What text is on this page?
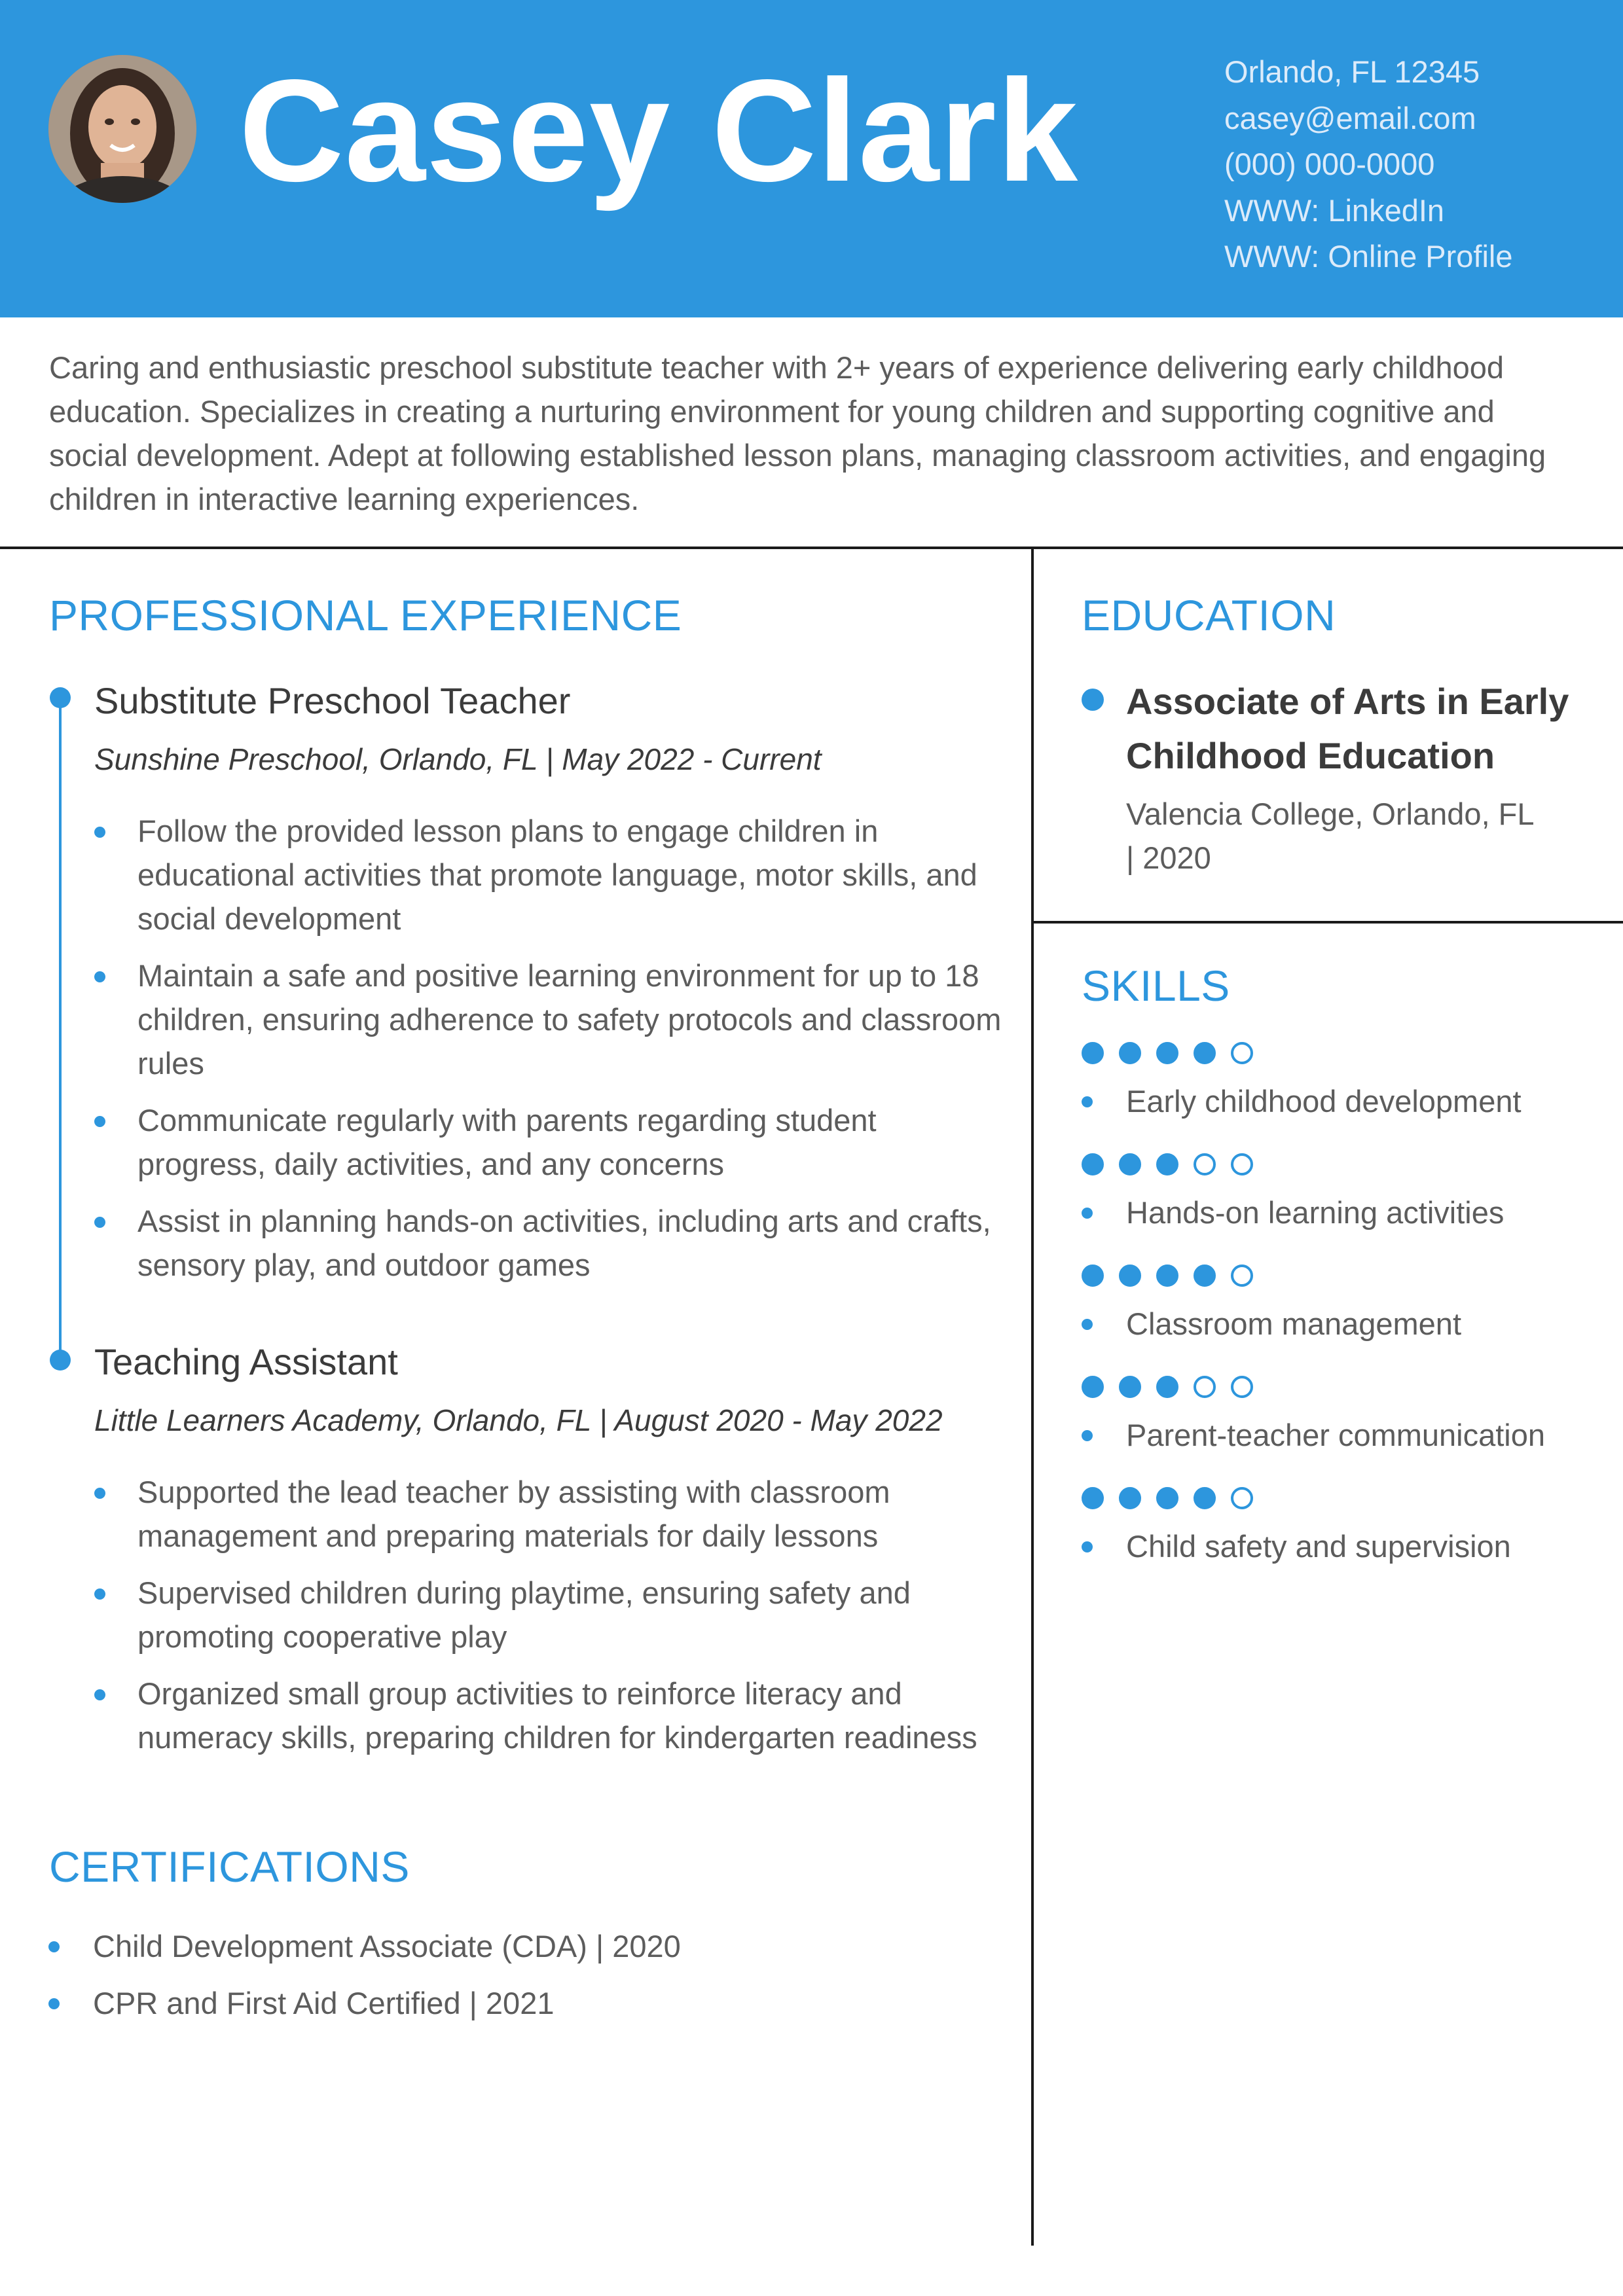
Casey Clark	Orlando, FL 12345
casey@email.com
(000) 000-0000
WWW: LinkedIn
WWW: Online Profile
Caring and enthusiastic preschool substitute teacher with 2+ years of experience delivering early childhood education. Specializes in creating a nurturing environment for young children and supporting cognitive and social development. Adept at following established lesson plans, managing classroom activities, and engaging children in interactive learning experiences.
PROFESSIONAL EXPERIENCE
Substitute Preschool Teacher
Sunshine Preschool, Orlando, FL | May 2022 - Current
Follow the provided lesson plans to engage children in educational activities that promote language, motor skills, and social development
Maintain a safe and positive learning environment for up to 18 children, ensuring adherence to safety protocols and classroom rules
Communicate regularly with parents regarding student progress, daily activities, and any concerns
Assist in planning hands-on activities, including arts and crafts, sensory play, and outdoor games
Teaching Assistant
Little Learners Academy, Orlando, FL | August 2020 - May 2022
Supported the lead teacher by assisting with classroom management and preparing materials for daily lessons
Supervised children during playtime, ensuring safety and promoting cooperative play
Organized small group activities to reinforce literacy and numeracy skills, preparing children for kindergarten readiness
CERTIFICATIONS
Child Development Associate (CDA) | 2020
CPR and First Aid Certified | 2021
EDUCATION
Associate of Arts in Early Childhood Education
Valencia College, Orlando, FL | 2020
SKILLS
Early childhood development
Hands-on learning activities
Classroom management
Parent-teacher communication
Child safety and supervision
